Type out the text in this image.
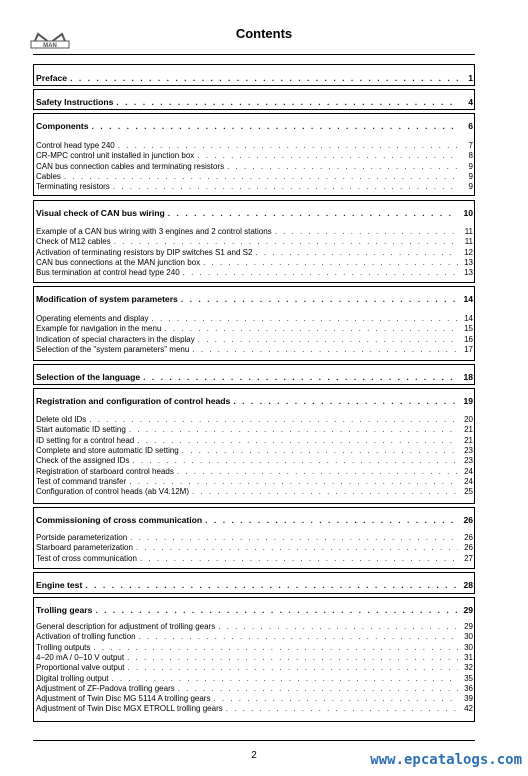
MAN
Contents
Preface . . .	1
Safety Instructions . . .	4
Components . . .	6
Control head type 240 . . .	7
CR-MPC control unit installed in junction box . . .	8
CAN bus connection cables and terminating resistors . . .	9
Cables . . .	9
Terminating resistors . . .	9
Visual check of CAN bus wiring . . .	10
Example of a CAN bus wiring with 3 engines and 2 control stations . . .	11
Check of M12 cables . . .	11
Activation of terminating resistors by DIP switches S1 and S2 . . .	12
CAN bus connections at the MAN junction box . . .	13
Bus termination at control head type 240 . . .	13
Modification of system parameters . . .	14
Operating elements and display . . .	14
Example for navigation in the menu . . .	15
Indication of special characters in the display . . .	16
Selection of the "system parameters" menu . . .	17
Selection of the language . . .	18
Registration and configuration of control heads . . .	19
Delete old IDs . . .	20
Start automatic ID setting . . .	21
ID setting for a control head . . .	21
Complete and store automatic ID setting . . .	23
Check of the assigned IDs . . .	23
Registration of starboard control heads . . .	24
Test of command transfer . . .	24
Configuration of control heads (ab V4.12M) . . .	25
Commissioning of cross communication . . .	26
Portside parameterization . . .	26
Starboard parameterization . . .	26
Test of cross communication . . .	27
Engine test . . .	28
Trolling gears . . .	29
General description for adjustment of trolling gears . . .	29
Activation of trolling function . . .	30
Trolling outputs . . .	30
4–20 mA / 0–10 V output . . .	31
Proportional valve output . . .	32
Digital trolling output . . .	35
Adjustment of ZF-Padova trolling gears . . .	36
Adjustment of Twin Disc MG 5114 A trolling gears . . .	39
Adjustment of Twin Disc MGX ETROLL trolling gears . . .	42
2	www.epcatalogs.com
